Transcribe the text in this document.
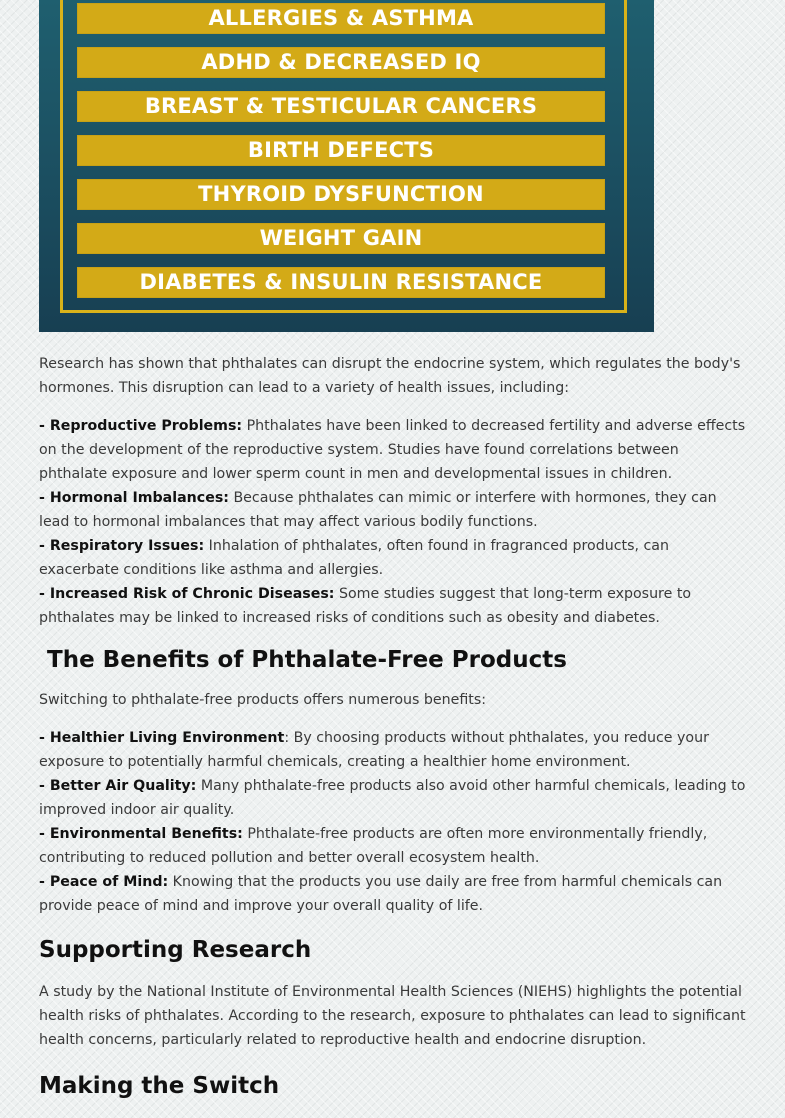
ALLERGIES & ASTHMA
ADHD & DECREASED IQ
BREAST & TESTICULAR CANCERS
BIRTH DEFECTS
THYROID DYSFUNCTION
WEIGHT GAIN
DIABETES & INSULIN RESISTANCE

Research has shown that phthalates can disrupt the endocrine system, which regulates the body's hormones. This disruption can lead to a variety of health issues, including:

- Reproductive Problems: Phthalates have been linked to decreased fertility and adverse effects on the development of the reproductive system. Studies have found correlations between phthalate exposure and lower sperm count in men and developmental issues in children.

- Hormonal Imbalances: Because phthalates can mimic or interfere with hormones, they can lead to hormonal imbalances that may affect various bodily functions.

- Respiratory Issues: Inhalation of phthalates, often found in fragranced products, can exacerbate conditions like asthma and allergies.

- Increased Risk of Chronic Diseases: Some studies suggest that long-term exposure to phthalates may be linked to increased risks of conditions such as obesity and diabetes.

The Benefits of Phthalate-Free Products

Switching to phthalate-free products offers numerous benefits:

- Healthier Living Environment: By choosing products without phthalates, you reduce your exposure to potentially harmful chemicals, creating a healthier home environment.

- Better Air Quality: Many phthalate-free products also avoid other harmful chemicals, leading to improved indoor air quality.

- Environmental Benefits: Phthalate-free products are often more environmentally friendly, contributing to reduced pollution and better overall ecosystem health.

- Peace of Mind: Knowing that the products you use daily are free from harmful chemicals can provide peace of mind and improve your overall quality of life.

Supporting Research

A study by the National Institute of Environmental Health Sciences (NIEHS) highlights the potential health risks of phthalates. According to the research, exposure to phthalates can lead to significant health concerns, particularly related to reproductive health and endocrine disruption.

Making the Switch
